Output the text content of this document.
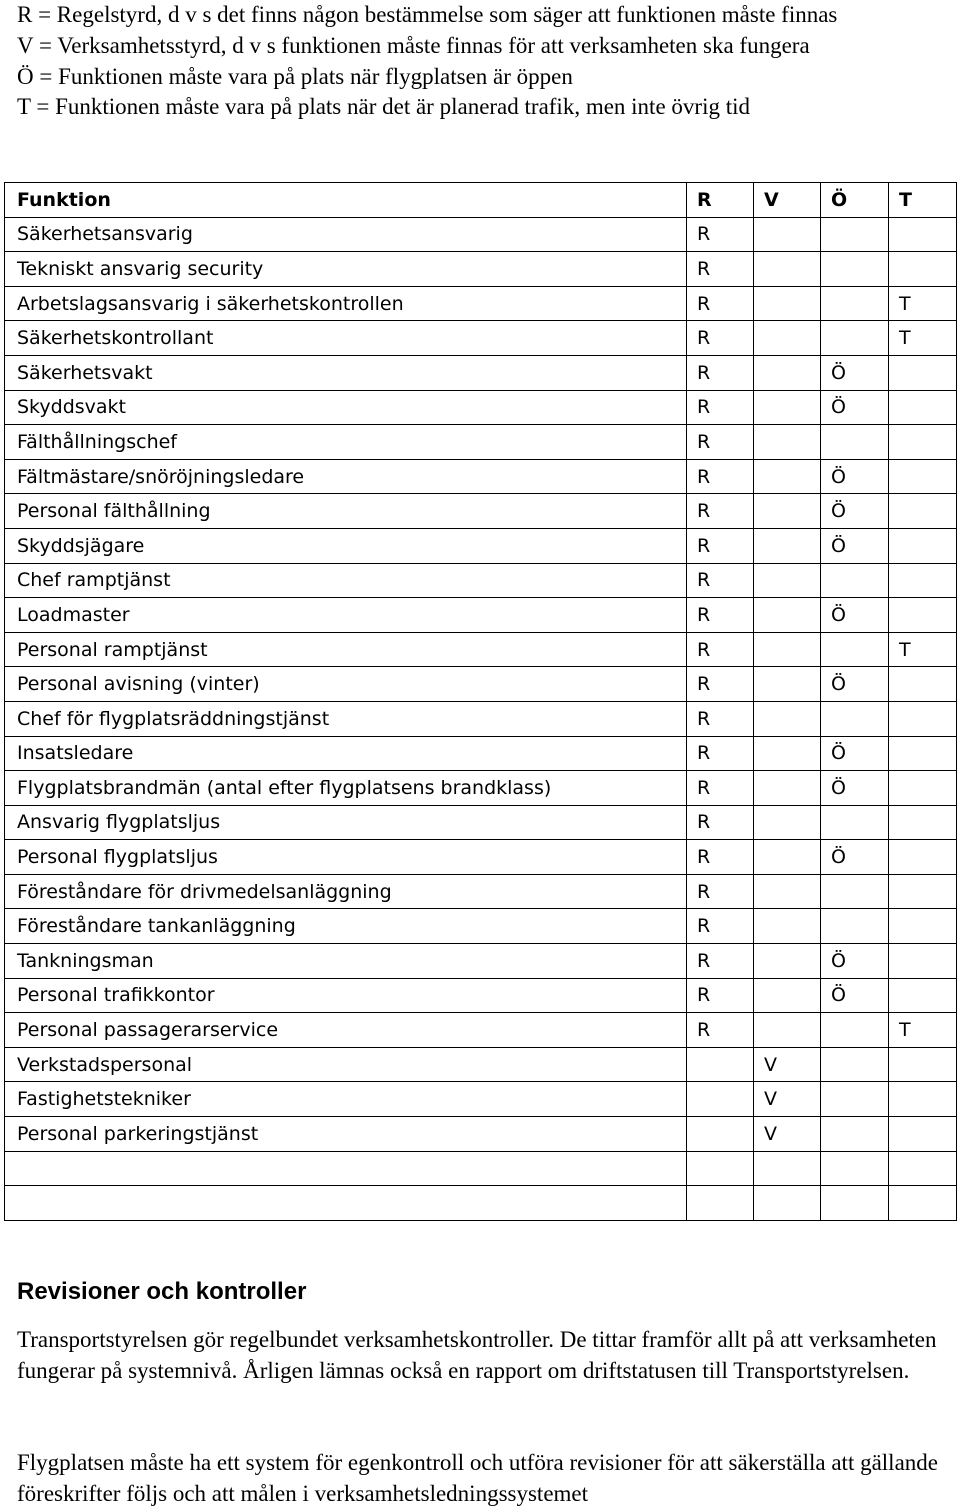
R = Regelstyrd, d v s det finns någon bestämmelse som säger att funktionen måste finnas

V = Verksamhetsstyrd, d v s funktionen måste finnas för att verksamheten ska fungera

Ö = Funktionen måste vara på plats när flygplatsen är öppen

T = Funktionen måste vara på plats när det är planerad trafik, men inte övrig tid

Funktion	R	V	Ö	T
Säkerhetsansvarig	R			
Tekniskt ansvarig security	R			
Arbetslagsansvarig i säkerhetskontrollen	R			T
Säkerhetskontrollant	R			T
Säkerhetsvakt	R		Ö	
Skyddsvakt	R		Ö	
Fälthållningschef	R			
Fältmästare/snöröjningsledare	R		Ö	
Personal fälthållning	R		Ö	
Skyddsjägare	R		Ö	
Chef ramptjänst	R			
Loadmaster	R		Ö	
Personal ramptjänst	R			T
Personal avisning (vinter)	R		Ö	
Chef för flygplatsräddningstjänst	R			
Insatsledare	R		Ö	
Flygplatsbrandmän (antal efter flygplatsens brandklass)	R		Ö	
Ansvarig flygplatsljus	R			
Personal flygplatsljus	R		Ö	
Föreståndare för drivmedelsanläggning	R			
Föreståndare tankanläggning	R			
Tankningsman	R		Ö	
Personal trafikkontor	R		Ö	
Personal passagerarservice	R			T
Verkstadspersonal		V		
Fastighetstekniker		V		
Personal parkeringstjänst		V		

Revisioner och kontroller

Transportstyrelsen gör regelbundet verksamhetskontroller. De tittar framför allt på att verksamheten fungerar på systemnivå. Årligen lämnas också en rapport om driftstatusen till Transportstyrelsen.

Flygplatsen måste ha ett system för egenkontroll och utföra revisioner för att säkerställa att gällande föreskrifter följs och att målen i verksamhetsledningssystemet
